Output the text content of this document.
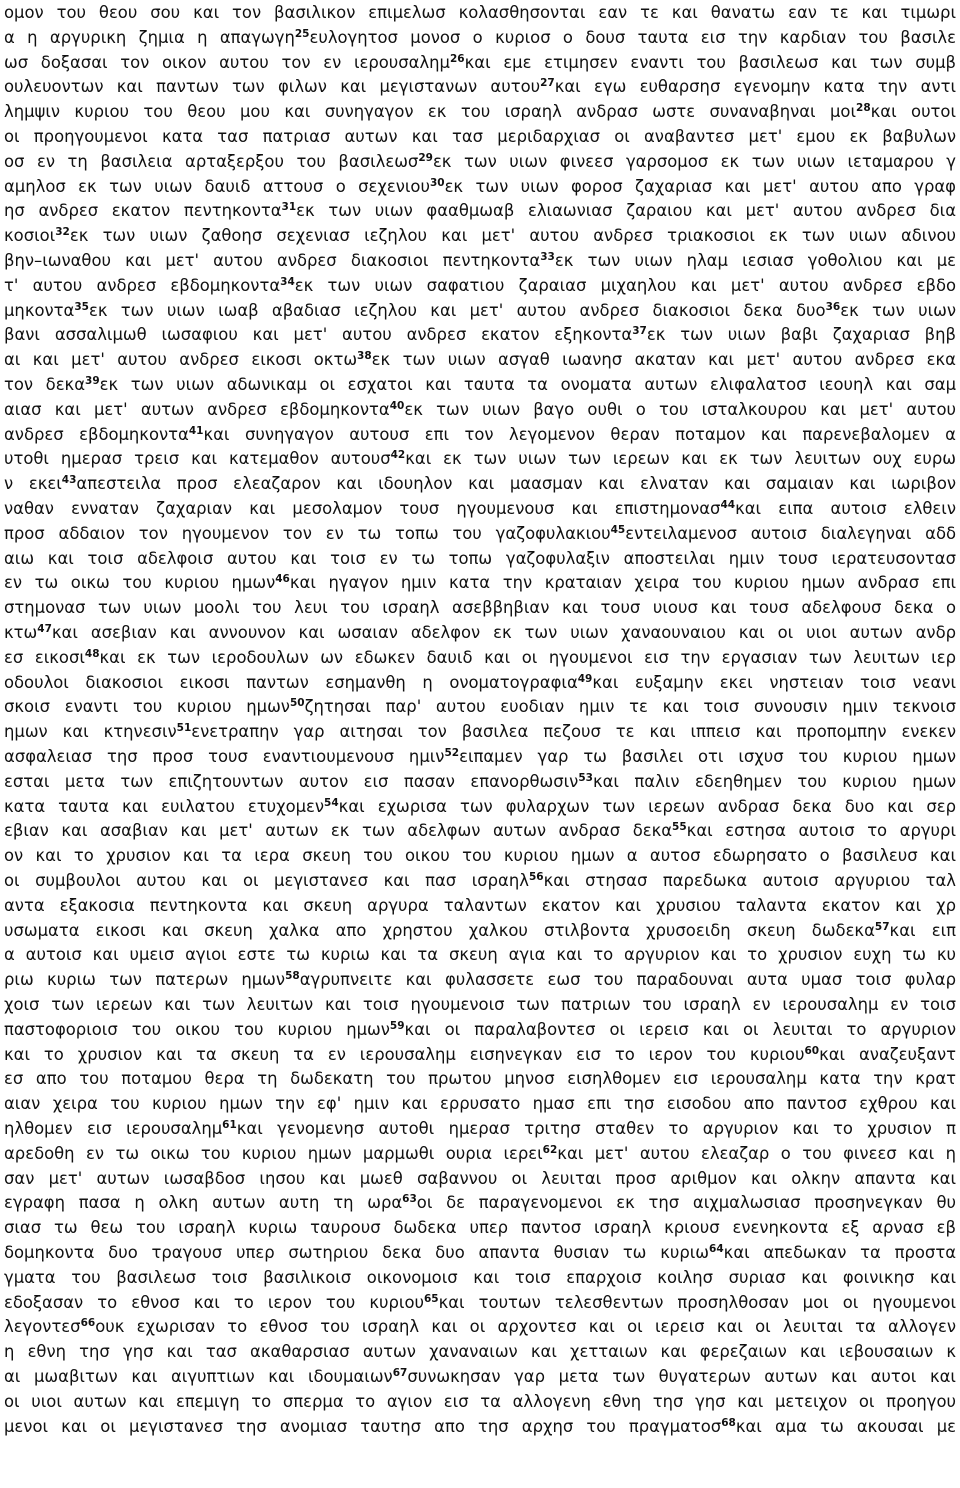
ομον του θεου σου και τον βασιλικον επιμελωσ κολασθησονται εαν τε και θανατω εαν τε και τιμωρι
α η αργυρικη ζημια η απαγωγη$^{25}$ευλογητοσ μονοσ ο κυριοσ ο δουσ ταυτα εισ την καρδιαν του βασιλε
ωσ δοξασαι τον οικον αυτου τον εν ιερουσαλημ$^{26}$και εμε ετιμησεν εναντι του βασιλεωσ και των συμβ
ουλευοντων και παντων των φιλων και μεγιστανων αυτου$^{27}$και εγω ευθαρσησ εγενομην κατα την αντι
λημψιν κυριου του θεου μου και συνηγαγον εκ του ισραηλ ανδρασ ωστε συναναβηναι μοι$^{28}$και ουτοι
οι προηγουμενοι κατα τασ πατριασ αυτων και τασ μεριδαρχιασ οι αναβαντεσ μετ' εμου εκ βαβυλων
οσ εν τη βασιλεια αρταξερξου του βασιλεωσ$^{29}$εκ των υιων φινεεσ γαρσομοσ εκ των υιων ιεταμαρου γ
αμηλοσ εκ των υιων δαυιδ αττουσ ο σεχενιου$^{30}$εκ των υιων φοροσ ζαχαριασ και μετ' αυτου απο γραφ
ησ ανδρεσ εκατον πεντηκοντα$^{31}$εκ των υιων φααθμωαβ ελιαωνιασ ζαραιου και μετ' αυτου ανδρεσ δια
κοσιοι$^{32}$εκ των υιων ζαθοησ σεχενιασ ιεζηλου και μετ' αυτου ανδρεσ τριακοσιοι εκ των υιων αδινου
βην–ιωναθου και μετ' αυτου ανδρεσ διακοσιοι πεντηκοντα$^{33}$εκ των υιων ηλαμ ιεσιασ γοθολιου και με
τ' αυτου ανδρεσ εβδομηκοντα$^{34}$εκ των υιων σαφατιου ζαραιασ μιχαηλου και μετ' αυτου ανδρεσ εβδο
μηκοντα$^{35}$εκ των υιων ιωαβ αβαδιασ ιεζηλου και μετ' αυτου ανδρεσ διακοσιοι δεκα δυο$^{36}$εκ των υιων
βανι ασσαλιμωθ ιωσαφιου και μετ' αυτου ανδρεσ εκατον εξηκοντα$^{37}$εκ των υιων βαβι ζαχαριασ βηβ
αι και μετ' αυτου ανδρεσ εικοσι οκτω$^{38}$εκ των υιων ασγαθ ιωανησ ακαταν και μετ' αυτου ανδρεσ εκα
τον δεκα$^{39}$εκ των υιων αδωνικαμ οι εσχατοι και ταυτα τα ονοματα αυτων ελιφαλατοσ ιεουηλ και σαμ
αιασ και μετ' αυτων ανδρεσ εβδομηκοντα$^{40}$εκ των υιων βαγο ουθι ο του ισταλκουρου και μετ' αυτου
ανδρεσ εβδομηκοντα$^{41}$και συνηγαγον αυτουσ επι τον λεγομενον θεραν ποταμον και παρενεβαλομεν α
υτοθι ημερασ τρεισ και κατεμαθον αυτουσ$^{42}$και εκ των υιων των ιερεων και εκ των λευιτων ουχ ευρω
ν εκει$^{43}$απεστειλα προσ ελεαζαρον και ιδουηλον και μαασμαν και ελναταν και σαμαιαν και ιωριβον
ναθαν ενναταν ζαχαριαν και μεσολαμον τουσ ηγουμενουσ και επιστημονασ$^{44}$και ειπα αυτοισ ελθειν
προσ αδδαιον τον ηγουμενον τον εν τω τοπω του γαζοφυλακιου$^{45}$εντειλαμενοσ αυτοισ διαλεγηναι αδδ
αιω και τοισ αδελφοισ αυτου και τοισ εν τω τοπω γαζοφυλαξιν αποστειλαι ημιν τουσ ιερατευσοντασ
εν τω οικω του κυριου ημων$^{46}$και ηγαγον ημιν κατα την κραταιαν χειρα του κυριου ημων ανδρασ επι
στημονασ των υιων μοολι του λευι του ισραηλ ασεββηβιαν και τουσ υιουσ και τουσ αδελφουσ δεκα ο
κτω$^{47}$και ασεβιαν και αννουνον και ωσαιαν αδελφον εκ των υιων χαναουναιου και οι υιοι αυτων ανδρ
εσ εικοσι$^{48}$και εκ των ιεροδουλων ων εδωκεν δαυιδ και οι ηγουμενοι εισ την εργασιαν των λευιτων ιερ
οδουλοι διακοσιοι εικοσι παντων εσημανθη η ονοματογραφια$^{49}$και ευξαμην εκει νηστειαν τοισ νεανι
σκοισ εναντι του κυριου ημων$^{50}$ζητησαι παρ' αυτου ευοδιαν ημιν τε και τοισ συνουσιν ημιν τεκνοισ
ημων και κτηνεσιν$^{51}$ενετραπην γαρ αιτησαι τον βασιλεα πεζουσ τε και ιππεισ και προπομπην ενεκεν
ασφαλειασ τησ προσ τουσ εναντιουμενουσ ημιν$^{52}$ειπαμεν γαρ τω βασιλει οτι ισχυσ του κυριου ημων
εσται μετα των επιζητουντων αυτον εισ πασαν επανορθωσιν$^{53}$και παλιν εδεηθημεν του κυριου ημων
κατα ταυτα και ευιλατου ετυχομεν$^{54}$και εχωρισα των φυλαρχων των ιερεων ανδρασ δεκα δυο και σερ
εβιαν και ασαβιαν και μετ' αυτων εκ των αδελφων αυτων ανδρασ δεκα$^{55}$και εστησα αυτοισ το αργυρι
ον και το χρυσιον και τα ιερα σκευη του οικου του κυριου ημων α αυτοσ εδωρησατο ο βασιλευσ και
οι συμβουλοι αυτου και οι μεγιστανεσ και πασ ισραηλ$^{56}$και στησασ παρεδωκα αυτοισ αργυριου ταλ
αντα εξακοσια πεντηκοντα και σκευη αργυρα ταλαντων εκατον και χρυσιου ταλαντα εκατον και χρ
υσωματα εικοσι και σκευη χαλκα απο χρηστου χαλκου στιλβοντα χρυσοειδη σκευη δωδεκα$^{57}$και ειπ
α αυτοισ και υμεισ αγιοι εστε τω κυριω και τα σκευη αγια και το αργυριον και το χρυσιον ευχη τω κυ
ριω κυριω των πατερων ημων$^{58}$αγρυπνειτε και φυλασσετε εωσ του παραδουναι αυτα υμασ τοισ φυλαρ
χοισ των ιερεων και των λευιτων και τοισ ηγουμενοισ των πατριων του ισραηλ εν ιερουσαλημ εν τοισ
παστοφοριοισ του οικου του κυριου ημων$^{59}$και οι παραλαβοντεσ οι ιερεισ και οι λευιται το αργυριον
και το χρυσιον και τα σκευη τα εν ιερουσαλημ εισηνεγκαν εισ το ιερον του κυριου$^{60}$και αναζευξαντ
εσ απο του ποταμου θερα τη δωδεκατη του πρωτου μηνοσ εισηλθομεν εισ ιερουσαλημ κατα την κρατ
αιαν χειρα του κυριου ημων την εφ' ημιν και ερρυσατο ημασ επι τησ εισοδου απο παντοσ εχθρου και
ηλθομεν εισ ιερουσαλημ$^{61}$και γενομενησ αυτοθι ημερασ τριτησ σταθεν το αργυριον και το χρυσιον π
αρεδοθη εν τω οικω του κυριου ημων μαρμωθι ουρια ιερει$^{62}$και μετ' αυτου ελεαζαρ ο του φινεεσ και η
σαν μετ' αυτων ιωσαβδοσ ιησου και μωεθ σαβαννου οι λευιται προσ αριθμον και ολκην απαντα και
εγραφη πασα η ολκη αυτων αυτη τη ωρα$^{63}$οι δε παραγενομενοι εκ τησ αιχμαλωσιασ προσηνεγκαν θυ
σιασ τω θεω του ισραηλ κυριω ταυρουσ δωδεκα υπερ παντοσ ισραηλ κριουσ ενενηκοντα εξ αρνασ εβ
δομηκοντα δυο τραγουσ υπερ σωτηριου δεκα δυο απαντα θυσιαν τω κυριω$^{64}$και απεδωκαν τα προστα
γματα του βασιλεωσ τοισ βασιλικοισ οικονομοισ και τοισ επαρχοισ κοιλησ συριασ και φοινικησ και
εδοξασαν το εθνοσ και το ιερον του κυριου$^{65}$και τουτων τελεσθεντων προσηλθοσαν μοι οι ηγουμενοι
λεγοντεσ$^{66}$ουκ εχωρισαν το εθνοσ του ισραηλ και οι αρχοντεσ και οι ιερεισ και οι λευιται τα αλλογεν
η εθνη τησ γησ και τασ ακαθαρσιασ αυτων χαναναιων και χετταιων και φερεζαιων και ιεβουσαιων κ
αι μωαβιτων και αιγυπτιων και ιδουμαιων$^{67}$συνωκησαν γαρ μετα των θυγατερων αυτων και αυτοι και
οι υιοι αυτων και επεμιγη το σπερμα το αγιον εισ τα αλλογενη εθνη τησ γησ και μετειχον οι προηγου
μενοι και οι μεγιστανεσ τησ ανομιασ ταυτησ απο τησ αρχησ του πραγματοσ$^{68}$και αμα τω ακουσαι με
